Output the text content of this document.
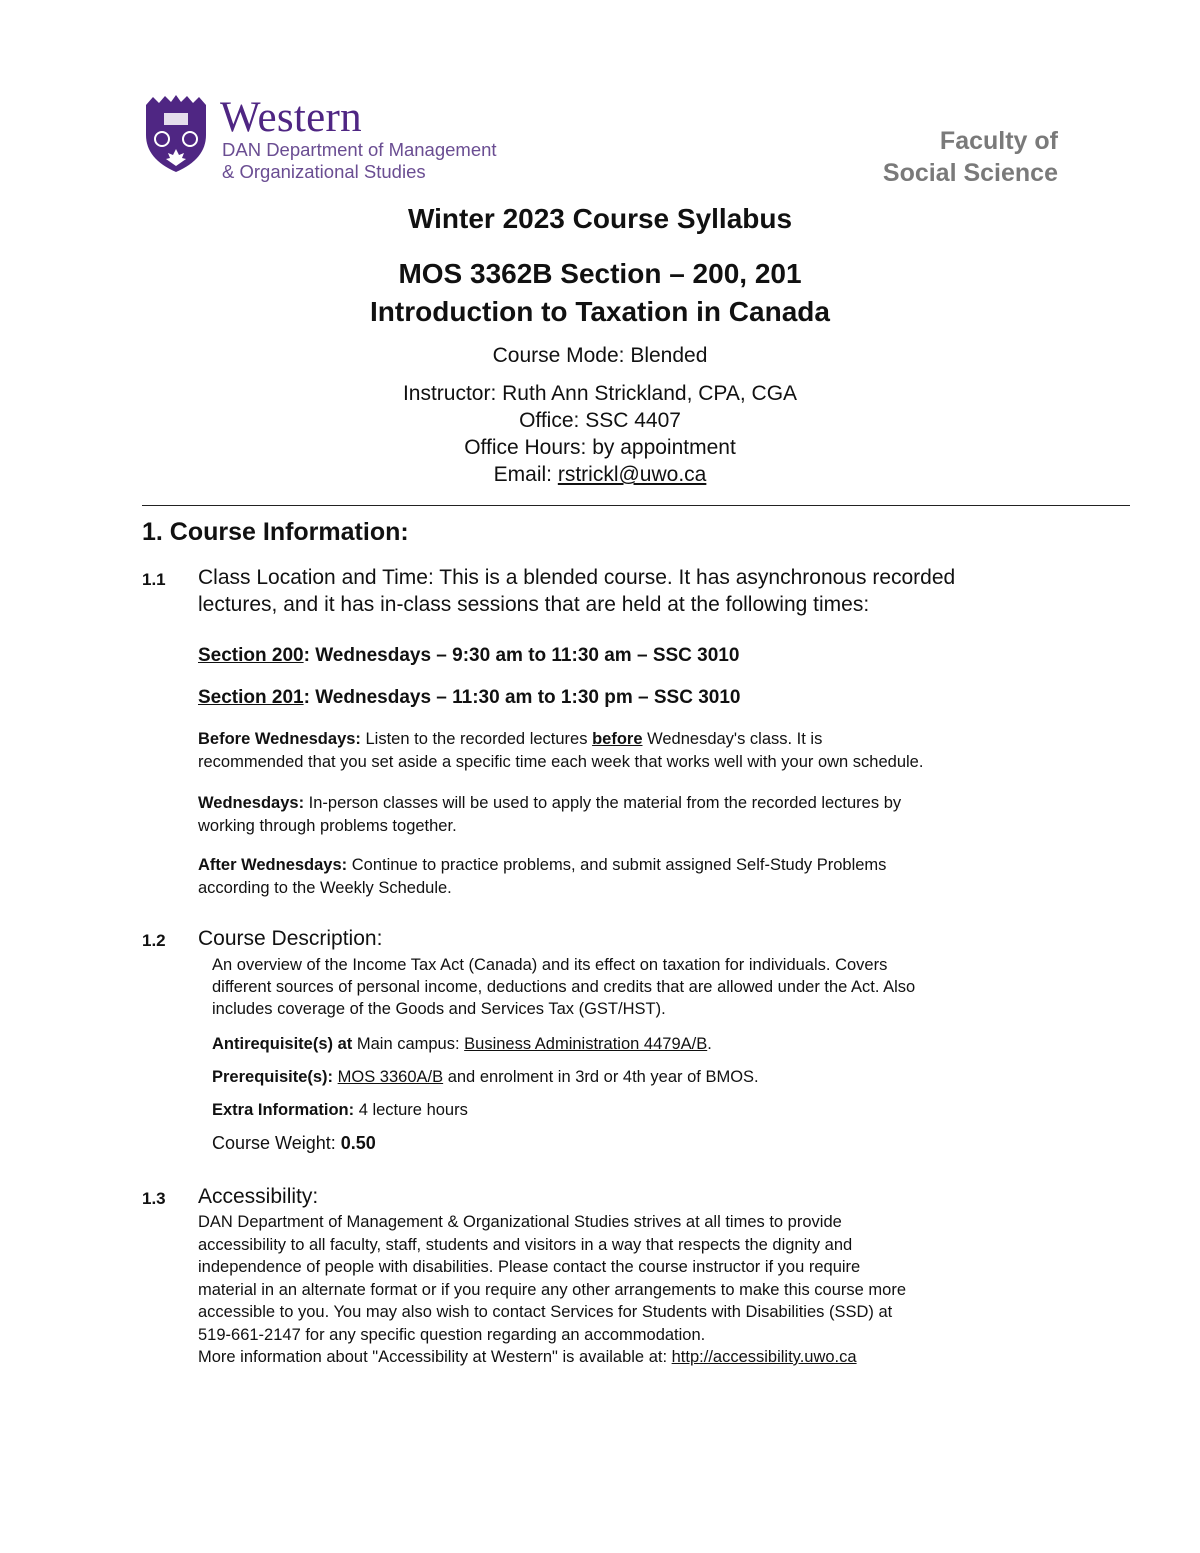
Western
DAN Department of Management
& Organizational Studies
Faculty of
Social Science
Winter 2023 Course Syllabus
MOS 3362B Section – 200, 201
Introduction to Taxation in Canada
Course Mode: Blended
Instructor: Ruth Ann Strickland, CPA, CGA
Office: SSC 4407
Office Hours: by appointment
Email: rstrickl@uwo.ca
1. Course Information:
1.1 Class Location and Time: This is a blended course. It has asynchronous recorded
lectures, and it has in-class sessions that are held at the following times:
Section 200: Wednesdays – 9:30 am to 11:30 am – SSC 3010
Section 201: Wednesdays – 11:30 am to 1:30 pm – SSC 3010
Before Wednesdays: Listen to the recorded lectures before Wednesday's class. It is
recommended that you set aside a specific time each week that works well with your own schedule.
Wednesdays: In-person classes will be used to apply the material from the recorded lectures by
working through problems together.
After Wednesdays: Continue to practice problems, and submit assigned Self-Study Problems
according to the Weekly Schedule.
1.2 Course Description:
An overview of the Income Tax Act (Canada) and its effect on taxation for individuals. Covers
different sources of personal income, deductions and credits that are allowed under the Act. Also
includes coverage of the Goods and Services Tax (GST/HST).
Antirequisite(s) at Main campus: Business Administration 4479A/B.
Prerequisite(s): MOS 3360A/B and enrolment in 3rd or 4th year of BMOS.
Extra Information: 4 lecture hours
Course Weight: 0.50
1.3 Accessibility:
DAN Department of Management & Organizational Studies strives at all times to provide
accessibility to all faculty, staff, students and visitors in a way that respects the dignity and
independence of people with disabilities. Please contact the course instructor if you require
material in an alternate format or if you require any other arrangements to make this course more
accessible to you. You may also wish to contact Services for Students with Disabilities (SSD) at
519-661-2147 for any specific question regarding an accommodation.
More information about "Accessibility at Western" is available at: http://accessibility.uwo.ca
